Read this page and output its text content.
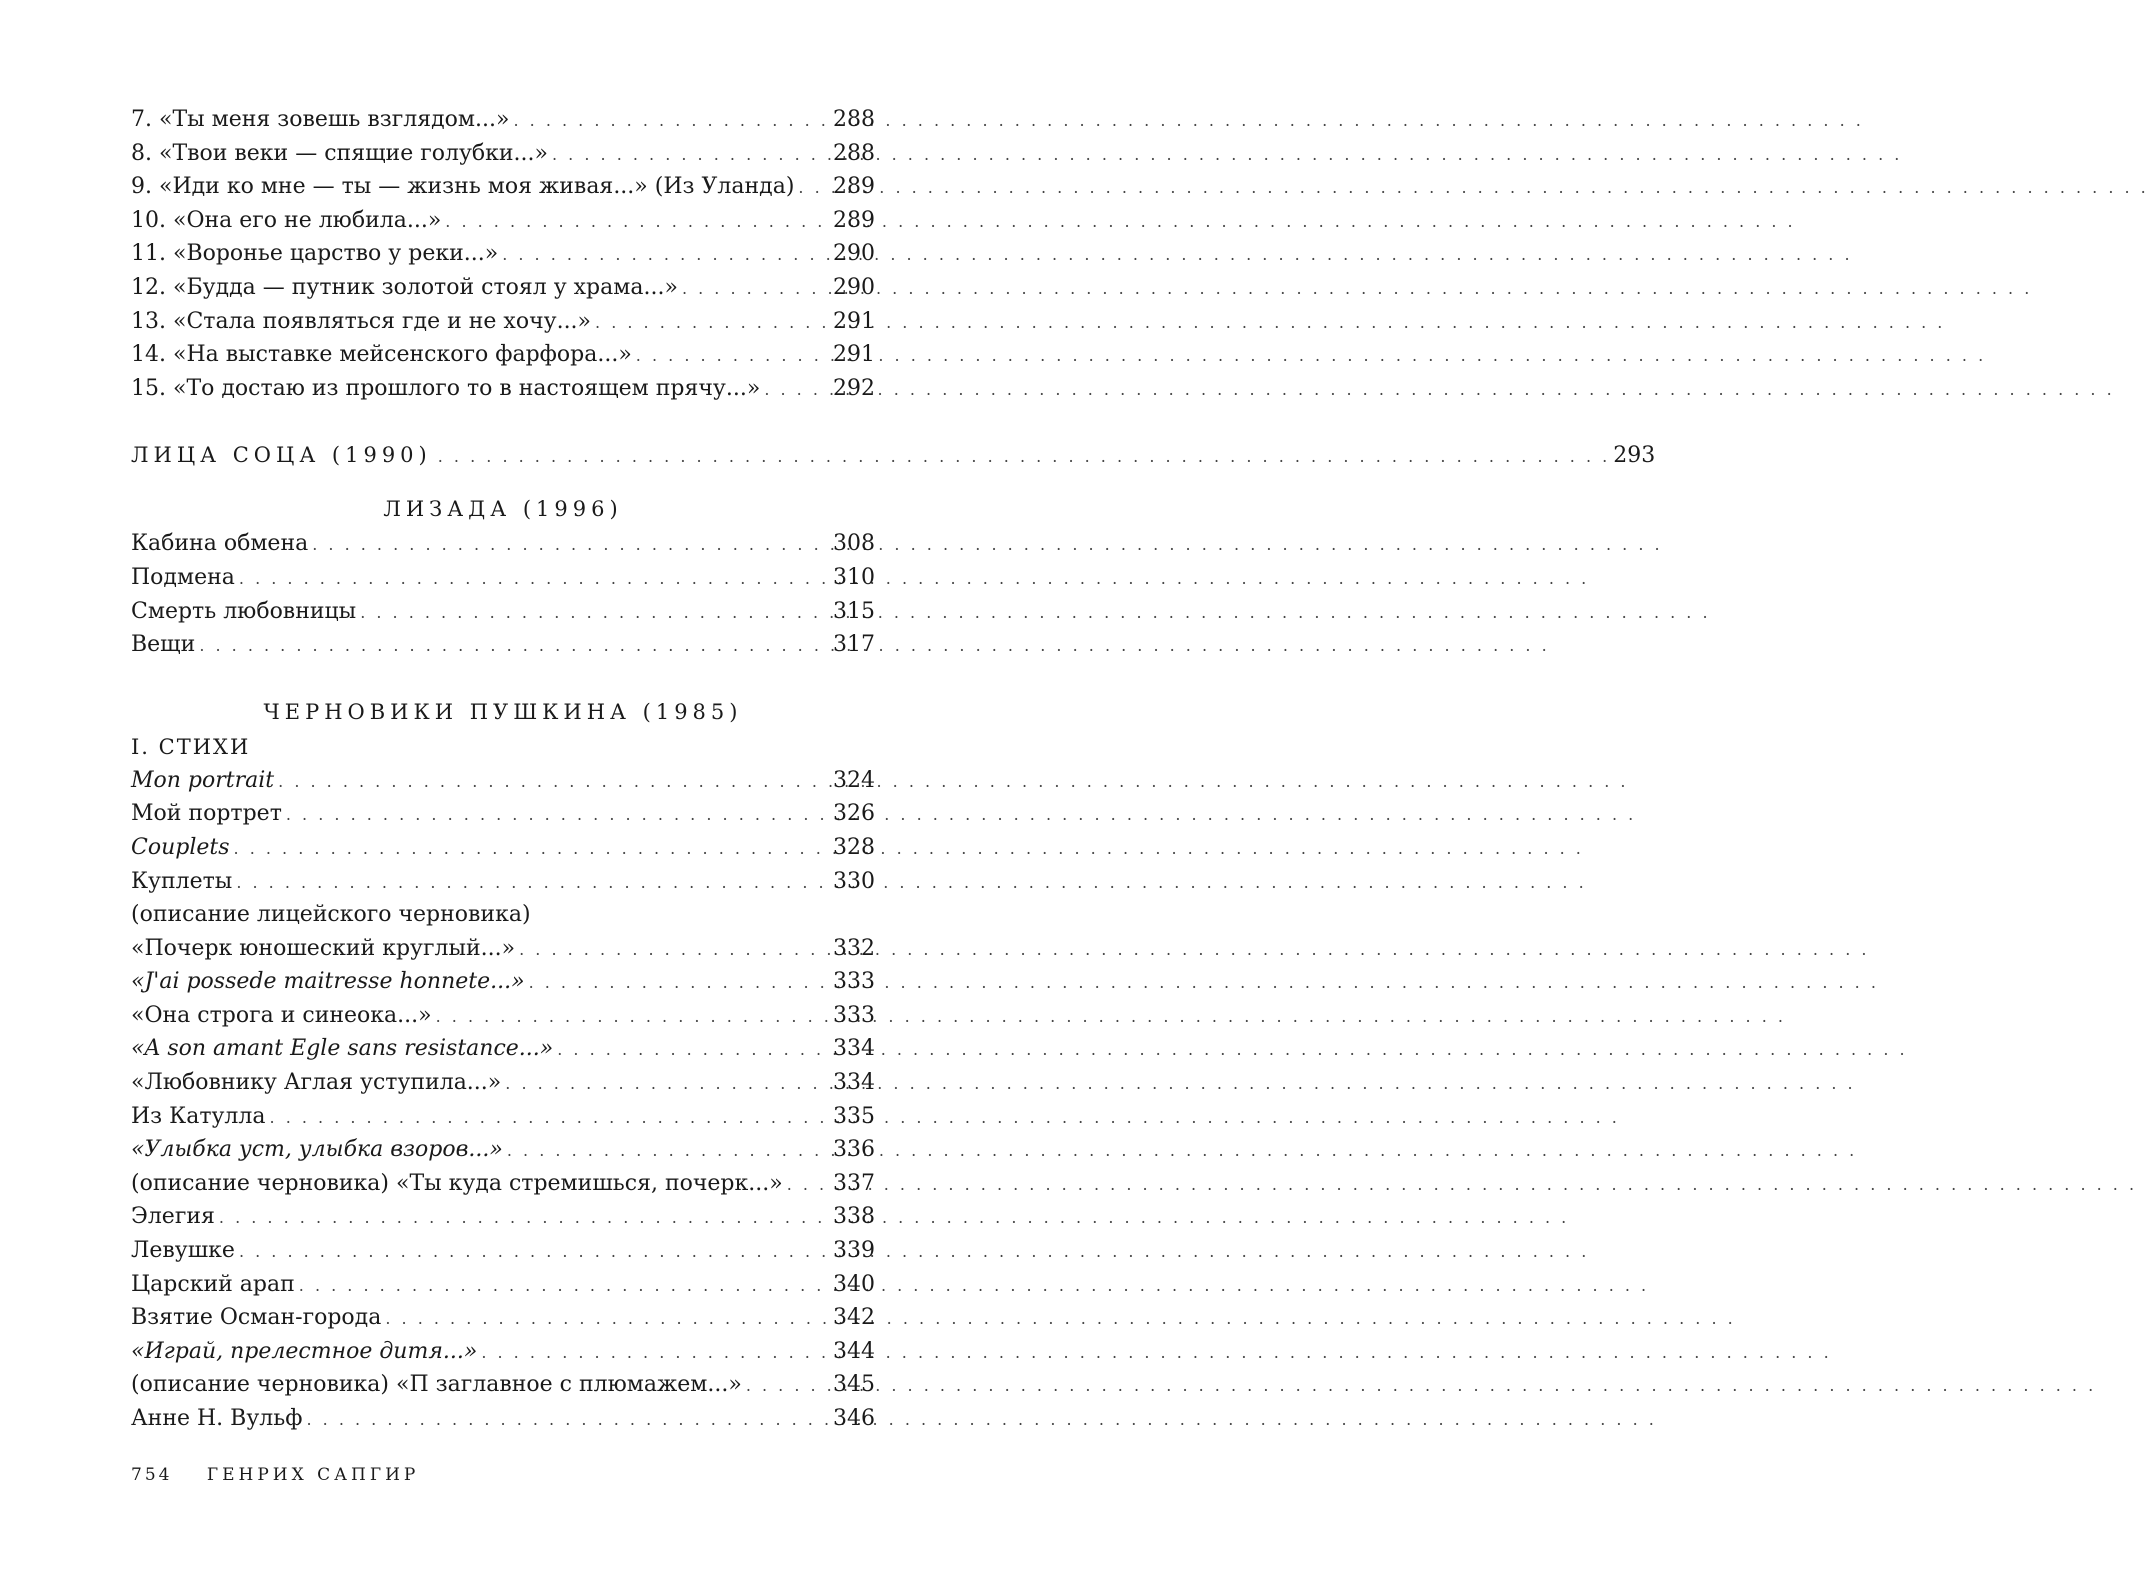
7. «Ты меня зовешь взглядом...» . . .	288
8. «Твои веки — спящие голубки...» . . .	288
9. «Иди ко мне — ты — жизнь моя живая...» (Из Уланда) . . . 289
10. «Она его не любила...» . . .	289
11. «Воронье царство у реки...» . . .	290
12. «Будда — путник золотой стоял у храма...» . . .	290
13. «Стала появляться где и не хочу...» . . .	291
14. «На выставке мейсенского фарфора...» . . .	291
15. «То достаю из прошлого то в настоящем прячу...» . . .	292
ЛИЦА СОЦА (1990) . . .	293
ЛИЗАДА (1996)
Кабина обмена . . .	308
Подмена . . .	310
Смерть любовницы . . .	315
Вещи . . .	317
ЧЕРНОВИКИ ПУШКИНА (1985)
I. СТИХИ
Mon portrait . . .	324
Мой портрет . . .	326
Couplets . . .	328
Куплеты . . .	330
(описание лицейского черновика)
«Почерк юношеский круглый...» . . .	332
«J'ai possede maitresse honnete...» . . .	333
«Она строга и синеока...» . . .	333
«A son amant Egle sans resistance...» . . .	334
«Любовнику Аглая уступила...» . . .	334
Из Катулла . . .	335
«Улыбка уст, улыбка взоров...» . . .	336
(описание черновика) «Ты куда стремишься, почерк...» . . . 337
Элегия . . .	338
Левушке . . .	339
Царский арап . . .	340
Взятие Осман-города . . .	342
«Играй, прелестное дитя...» . . .	344
(описание черновика) «П заглавное с плюмажем...» . . .	345
Анне Н. Вульф . . .	346
754 ГЕНРИХ САПГИР
